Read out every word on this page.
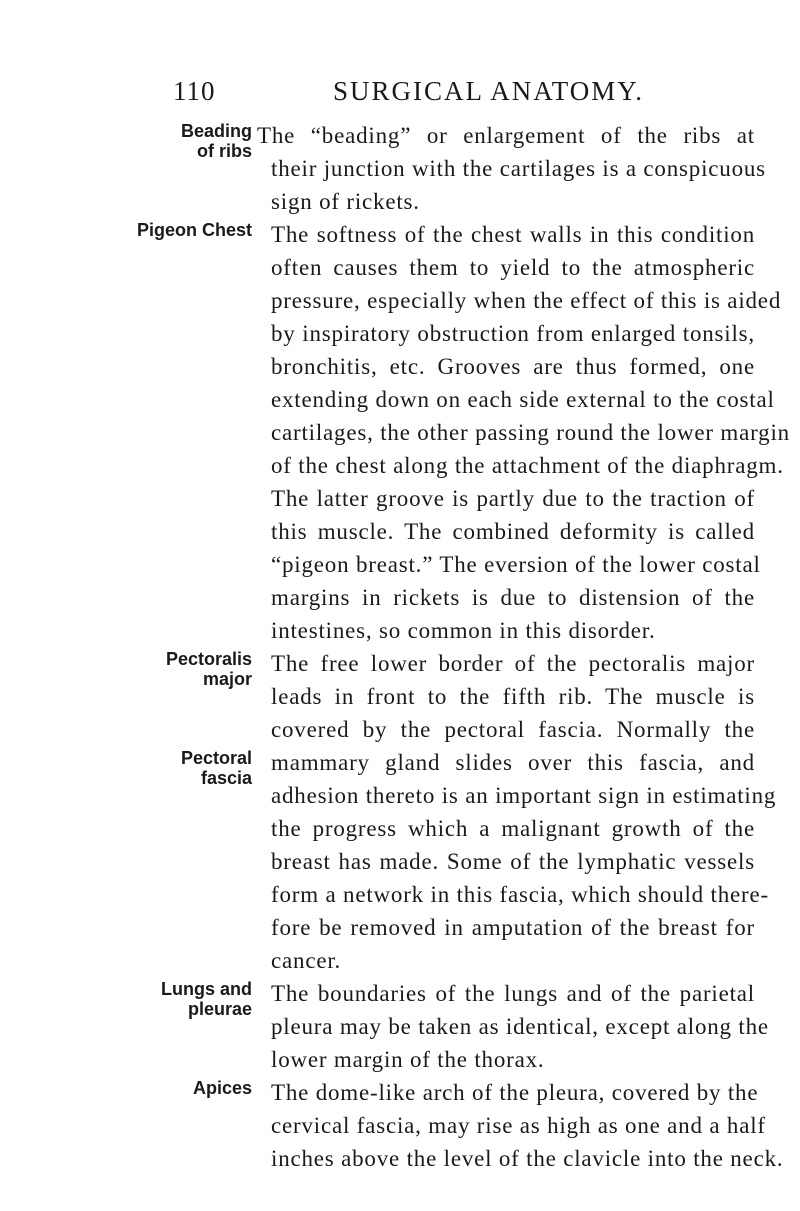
110	SURGICAL ANATOMY.
Beading
of ribs
Pigeon Chest
Pectoralis
major
Pectoral
fascia
Lungs and
pleurae
Apices
The “beading” or enlargement of the ribs at
their junction with the cartilages is a conspicuous
sign of rickets.
The softness of the chest walls in this condition
often causes them to yield to the atmospheric
pressure, especially when the effect of this is aided
by inspiratory obstruction from enlarged tonsils,
bronchitis, etc. Grooves are thus formed, one
extending down on each side external to the costal
cartilages, the other passing round the lower margin
of the chest along the attachment of the diaphragm.
The latter groove is partly due to the traction of
this muscle. The combined deformity is called
“pigeon breast.” The eversion of the lower costal
margins in rickets is due to distension of the
intestines, so common in this disorder.
The free lower border of the pectoralis major
leads in front to the fifth rib. The muscle is
covered by the pectoral fascia. Normally the
mammary gland slides over this fascia, and
adhesion thereto is an important sign in estimating
the progress which a malignant growth of the
breast has made. Some of the lymphatic vessels
form a network in this fascia, which should there-
fore be removed in amputation of the breast for
cancer.
The boundaries of the lungs and of the parietal
pleura may be taken as identical, except along the
lower margin of the thorax.
The dome-like arch of the pleura, covered by the
cervical fascia, may rise as high as one and a half
inches above the level of the clavicle into the neck.
